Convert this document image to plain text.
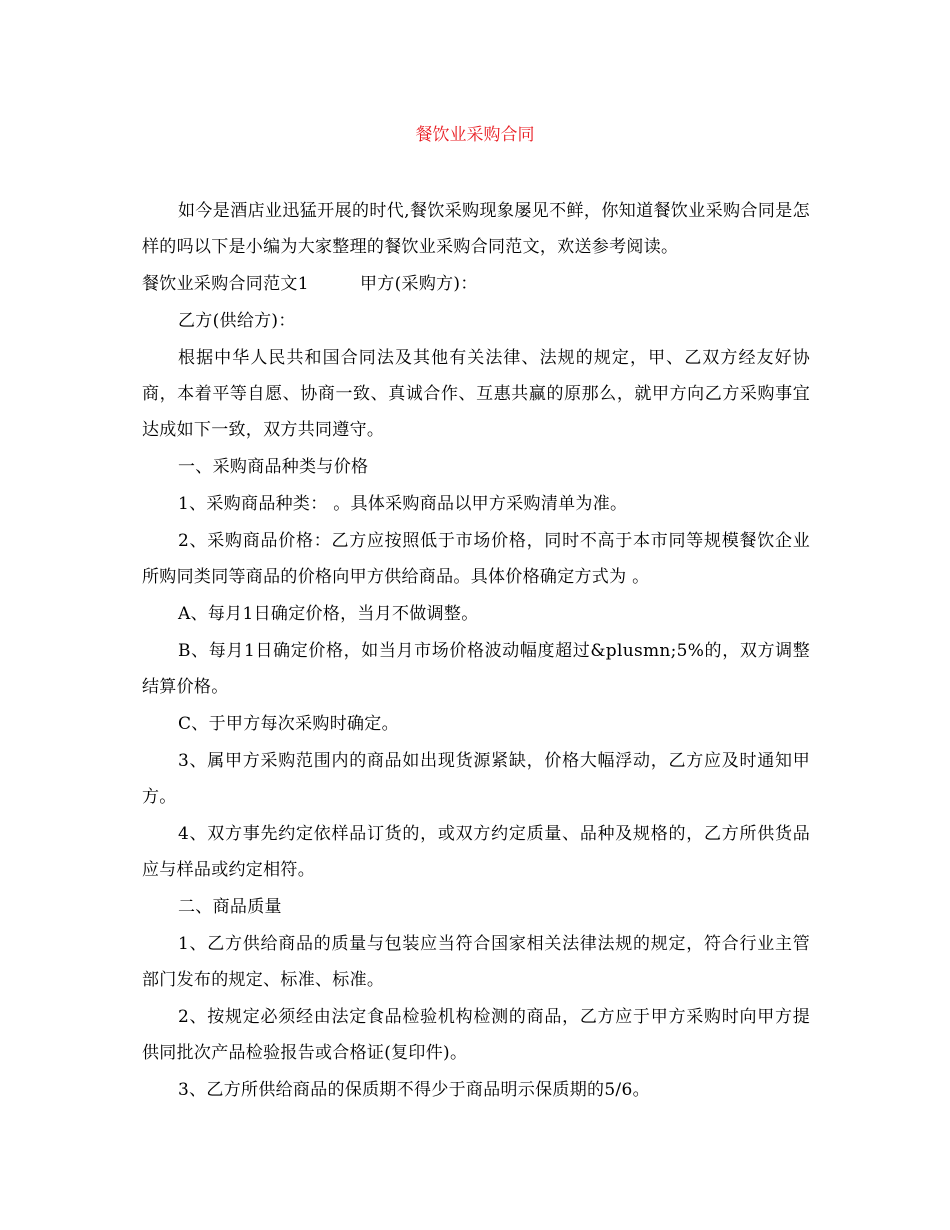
餐饮业采购合同

如今是酒店业迅猛开展的时代,餐饮采购现象屡见不鲜，你知道餐饮业采购合同是怎样的吗以下是小编为大家整理的餐饮业采购合同范文，欢送参考阅读。

餐饮业采购合同范文1	甲方(采购方)：

乙方(供给方)：

根据中华人民共和国合同法及其他有关法律、法规的规定，甲、乙双方经友好协商，本着平等自愿、协商一致、真诚合作、互惠共赢的原那么，就甲方向乙方采购事宜达成如下一致，双方共同遵守。

一、采购商品种类与价格

1、采购商品种类： 。具体采购商品以甲方采购清单为准。

2、采购商品价格：乙方应按照低于市场价格，同时不高于本市同等规模餐饮企业所购同类同等商品的价格向甲方供给商品。具体价格确定方式为 。

A、每月1日确定价格，当月不做调整。

B、每月1日确定价格，如当月市场价格波动幅度超过&plusmn;5%的，双方调整结算价格。

C、于甲方每次采购时确定。

3、属甲方采购范围内的商品如出现货源紧缺，价格大幅浮动，乙方应及时通知甲方。

4、双方事先约定依样品订货的，或双方约定质量、品种及规格的，乙方所供货品应与样品或约定相符。

二、商品质量

1、乙方供给商品的质量与包装应当符合国家相关法律法规的规定，符合行业主管部门发布的规定、标准、标准。

2、按规定必须经由法定食品检验机构检测的商品，乙方应于甲方采购时向甲方提供同批次产品检验报告或合格证(复印件)。

3、乙方所供给商品的保质期不得少于商品明示保质期的5/6。
